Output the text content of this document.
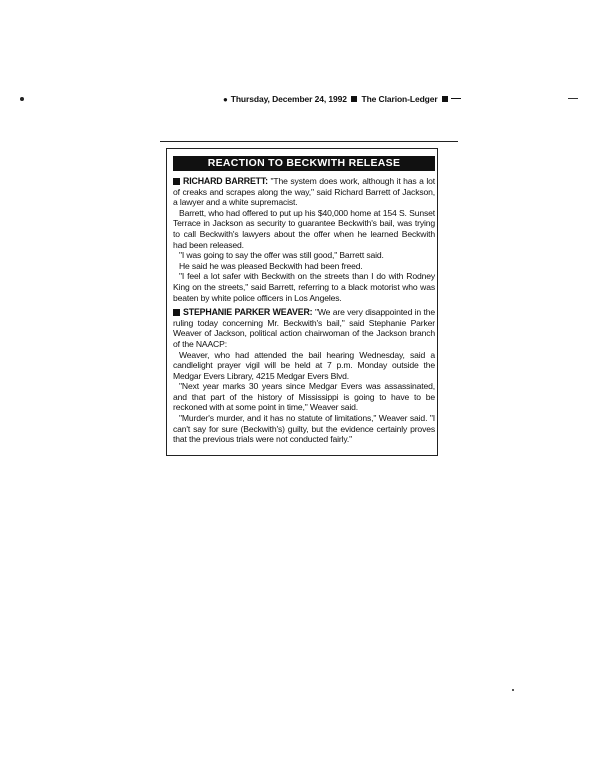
● Thursday, December 24, 1992 The Clarion-Ledger
REACTION TO BECKWITH RELEASE

RICHARD BARRETT: "The system does work, although it has a lot of creaks and scrapes along the way," said Richard Barrett of Jackson, a lawyer and a white supremacist.

Barrett, who had offered to put up his $40,000 home at 154 S. Sunset Terrace in Jackson as security to guarantee Beckwith's bail, was trying to call Beckwith's lawyers about the offer when he learned Beckwith had been released.

"I was going to say the offer was still good," Barrett said.

He said he was pleased Beckwith had been freed.

"I feel a lot safer with Beckwith on the streets than I do with Rodney King on the streets," said Barrett, referring to a black motorist who was beaten by white police officers in Los Angeles.

STEPHANIE PARKER WEAVER: "We are very disappointed in the ruling today concerning Mr. Beckwith's bail," said Stephanie Parker Weaver of Jackson, political action chairwoman of the Jackson branch of the NAACP:

Weaver, who had attended the bail hearing Wednesday, said a candlelight prayer vigil will be held at 7 p.m. Monday outside the Medgar Evers Library, 4215 Medgar Evers Blvd.

"Next year marks 30 years since Medgar Evers was assassinated, and that part of the history of Mississippi is going to have to be reckoned with at some point in time," Weaver said.

"Murder's murder, and it has no statute of limitations," Weaver said. "I can't say for sure (Beckwith's) guilty, but the evidence certainly proves that the previous trials were not conducted fairly."
